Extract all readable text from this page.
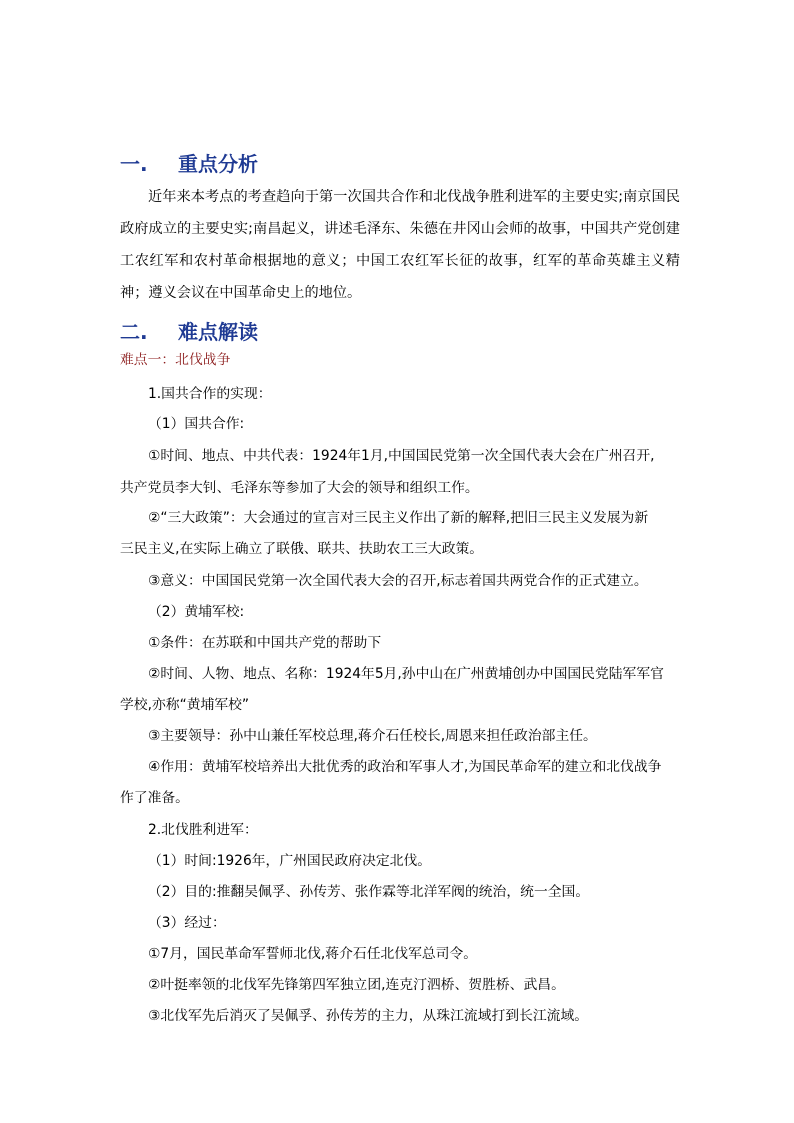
一. 重点分析
近年来本考点的考查趋向于第一次国共合作和北伐战争胜利进军的主要史实;南京国民政府成立的主要史实;南昌起义，讲述毛泽东、朱德在井冈山会师的故事，中国共产党创建工农红军和农村革命根据地的意义；中国工农红军长征的故事，红军的革命英雄主义精神；遵义会议在中国革命史上的地位。
二. 难点解读
难点一：北伐战争
1.国共合作的实现：
（1）国共合作:
①时间、地点、中共代表：1924年1月,中国国民党第一次全国代表大会在广州召开,
共产党员李大钊、毛泽东等参加了大会的领导和组织工作。
②“三大政策”：大会通过的宣言对三民主义作出了新的解释,把旧三民主义发展为新
三民主义,在实际上确立了联俄、联共、扶助农工三大政策。
③意义：中国国民党第一次全国代表大会的召开,标志着国共两党合作的正式建立。
（2）黄埔军校:
①条件：在苏联和中国共产党的帮助下
②时间、人物、地点、名称：1924年5月,孙中山在广州黄埔创办中国国民党陆军军官
学校,亦称“黄埔军校”
③主要领导：孙中山兼任军校总理,蒋介石任校长,周恩来担任政治部主任。
④作用：黄埔军校培养出大批优秀的政治和军事人才,为国民革命军的建立和北伐战争
作了准备。
2.北伐胜利进军：
（1）时间:1926年，广州国民政府决定北伐。
（2）目的:推翻吴佩孚、孙传芳、张作霖等北洋军阀的统治，统一全国。
（3）经过：
①7月，国民革命军誓师北伐,蒋介石任北伐军总司令。
②叶挺率领的北伐军先锋第四军独立团,连克汀泗桥、贺胜桥、武昌。
③北伐军先后消灭了吴佩孚、孙传芳的主力，从珠江流域打到长江流域。
